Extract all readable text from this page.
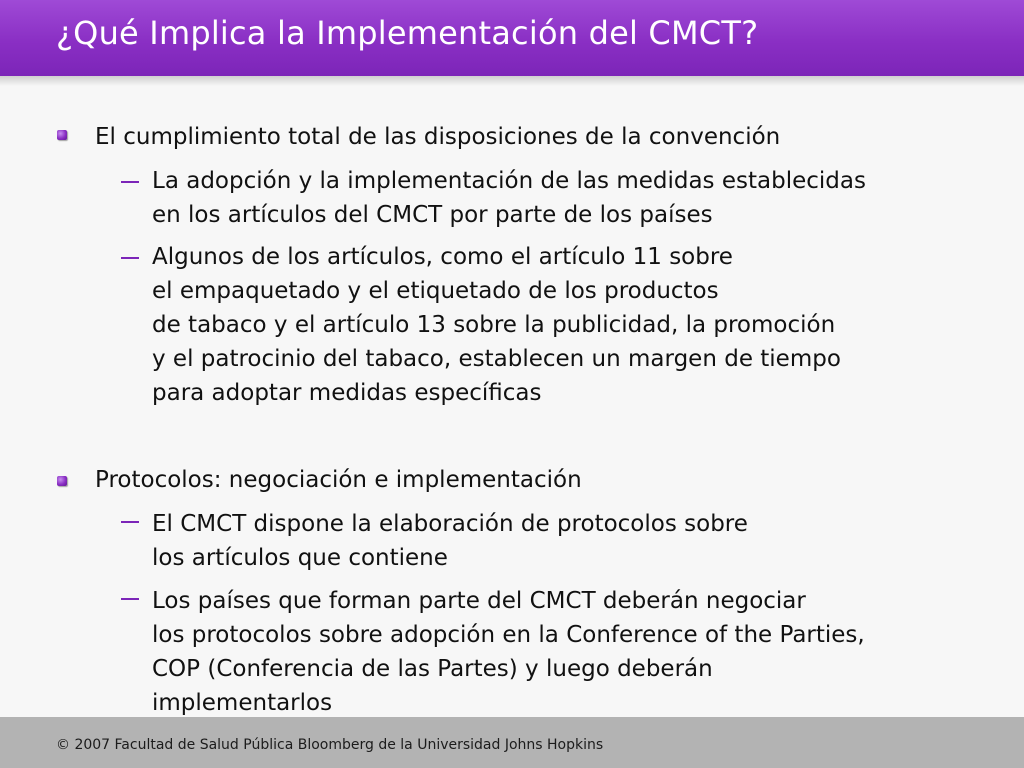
¿Qué Implica la Implementación del CMCT?
El cumplimiento total de las disposiciones de la convención
La adopción y la implementación de las medidas establecidas
en los artículos del CMCT por parte de los países
Algunos de los artículos, como el artículo 11 sobre
el empaquetado y el etiquetado de los productos
de tabaco y el artículo 13 sobre la publicidad, la promoción
y el patrocinio del tabaco, establecen un margen de tiempo
para adoptar medidas específicas
Protocolos: negociación e implementación
El CMCT dispone la elaboración de protocolos sobre
los artículos que contiene
Los países que forman parte del CMCT deberán negociar
los protocolos sobre adopción en la Conference of the Parties,
COP (Conferencia de las Partes) y luego deberán
implementarlos
© 2007 Facultad de Salud Pública Bloomberg de la Universidad Johns Hopkins
